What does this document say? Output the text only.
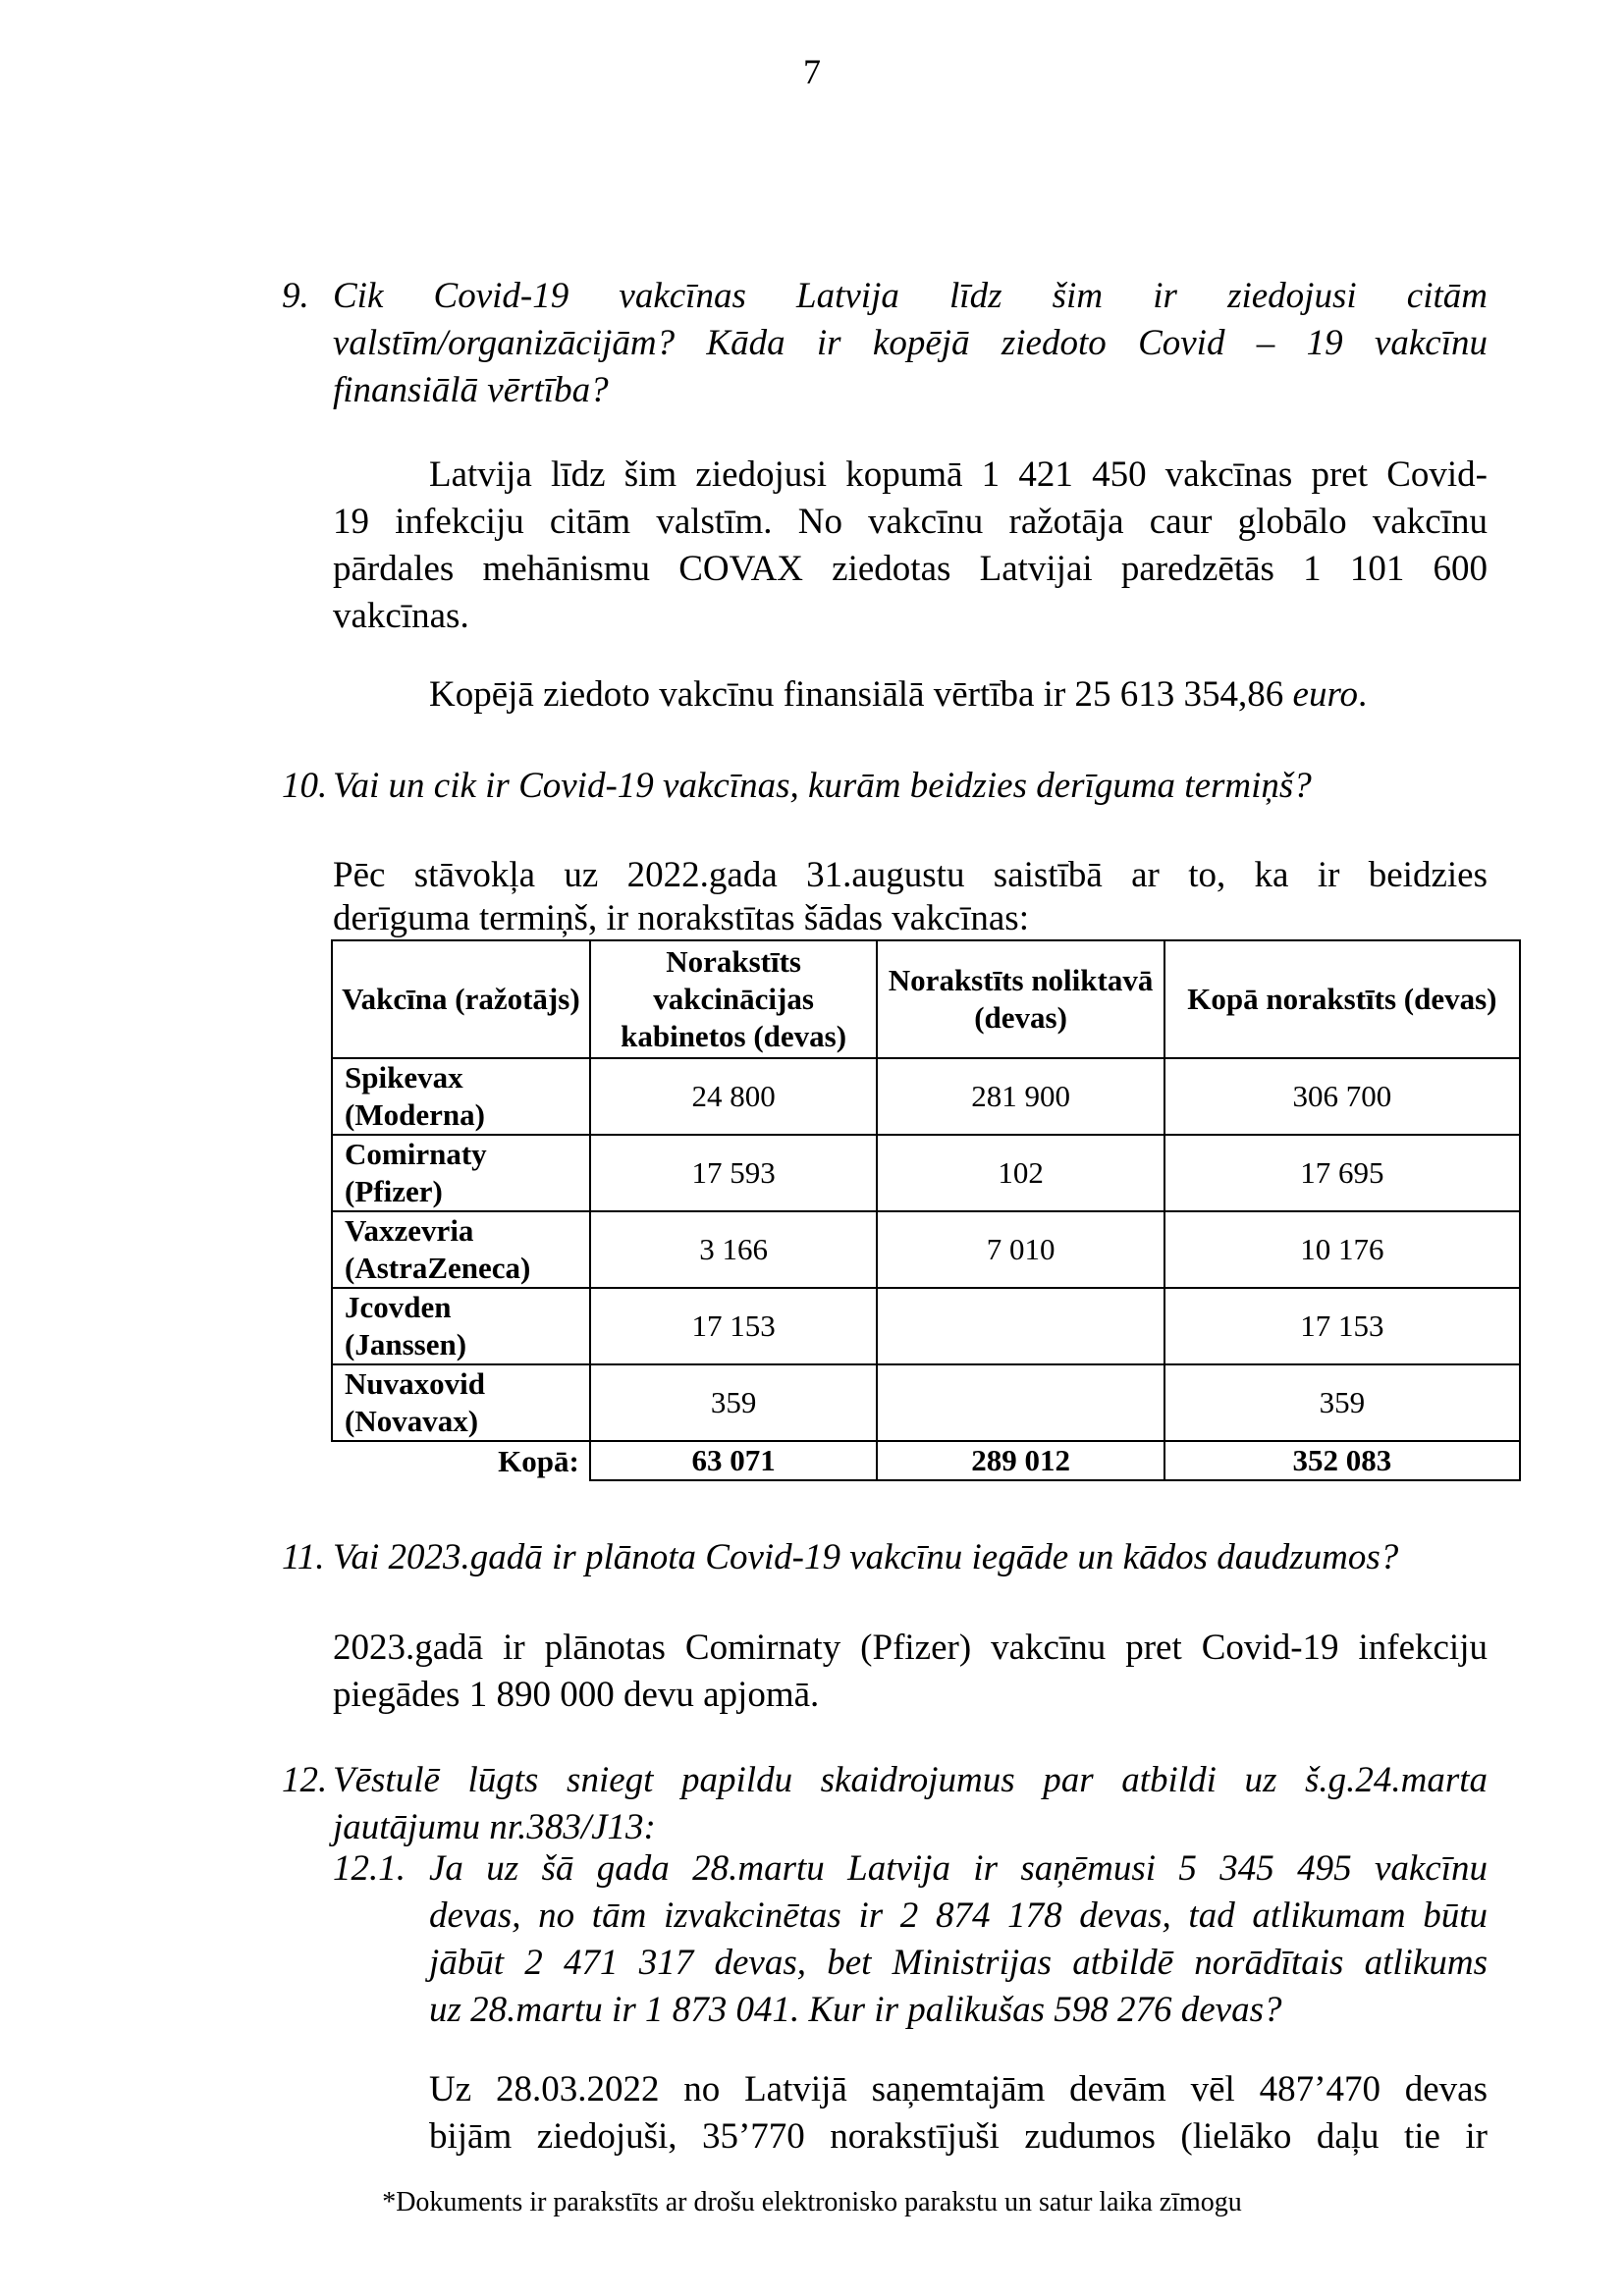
7
9. Cik Covid-19 vakcīnas Latvija līdz šim ir ziedojusi citām
valstīm/organizācijām? Kāda ir kopējā ziedoto Covid – 19 vakcīnu
finansiālā vērtība?
Latvija līdz šim ziedojusi kopumā 1 421 450 vakcīnas pret Covid-
19 infekciju citām valstīm. No vakcīnu ražotāja caur globālo vakcīnu
pārdales mehānismu COVAX ziedotas Latvijai paredzētās 1 101 600
vakcīnas.
Kopējā ziedoto vakcīnu finansiālā vērtība ir 25 613 354,86 euro.
10. Vai un cik ir Covid-19 vakcīnas, kurām beidzies derīguma termiņš?
Pēc stāvokļa uz 2022.gada 31.augustu saistībā ar to, ka ir beidzies
derīguma termiņš, ir norakstītas šādas vakcīnas:
Vakcīna (ražotājs)	Norakstīts vakcinācijas kabinetos (devas)	Norakstīts noliktavā (devas)	Kopā norakstīts (devas)

Spikevax
(Moderna)	24 800	281 900	306 700

Comirnaty
(Pfizer)	17 593	102	17 695

Vaxzevria
(AstraZeneca)	3 166	7 010	10 176

Jcovden
(Janssen)	17 153		17 153

Nuvaxovid
(Novavax)	359		359
Kopā:	63 071	289 012	352 083
11. Vai 2023.gadā ir plānota Covid-19 vakcīnu iegāde un kādos daudzumos?
2023.gadā ir plānotas Comirnaty (Pfizer) vakcīnu pret Covid-19 infekciju
piegādes 1 890 000 devu apjomā.
12. Vēstulē lūgts sniegt papildu skaidrojumus par atbildi uz š.g.24.marta
jautājumu nr.383/J13:
12.1. Ja uz šā gada 28.martu Latvija ir saņēmusi 5 345 495 vakcīnu
devas, no tām izvakcinētas ir 2 874 178 devas, tad atlikumam būtu
jābūt 2 471 317 devas, bet Ministrijas atbildē norādītais atlikums
uz 28.martu ir 1 873 041. Kur ir palikušas 598 276 devas?
Uz 28.03.2022 no Latvijā saņemtajām devām vēl 487’470 devas
bijām ziedojuši, 35’770 norakstījuši zudumos (lielāko daļu tie ir
*Dokuments ir parakstīts ar drošu elektronisko parakstu un satur laika zīmogu
